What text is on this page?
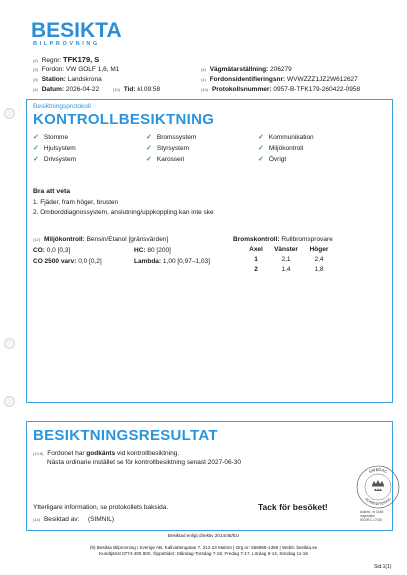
BESIKTA
BILPROVNING
(2) Regnr: TFK179, S
(3) Fordon: VW GOLF 1,6, M1
(3) Station: Landskrona
(4) Datum: 2026-04-22	(10) Tid: kl.09:58
(4) Vägmätarställning: 206279
(1) Fordonsidentifieringsnr: WVWZZZ1JZ2W612627
(10) Protokollsnummer: 0957-B-TFK179-260422-0958
Besiktningsprotokoll
KONTROLLBESIKTNING
✓ Stomme
✓ Hjulsystem
✓ Drivsystem
✓ Bromssystem
✓ Styrsystem
✓ Karosseri
✓ Kommunikation
✓ Miljökontroll
✓ Övrigt
Bra att veta
1. Fjäder, fram höger, brusten
2. Omborddiagnossystem, anslutning/uppkoppling kan inte ske
(12) Miljökontroll: Bensin/Etanol [gränsvärden]
CO: 0,0 [0,3]	HC: 80 [200]
CO 2500 varv: 0,0 [0,2]	Lambda: 1,00 [0,97–1,03]
Bromskontroll: Rullbromsprovare
Axel	Vänster	Höger
1	2,1	2,4
2	1,4	1,8
BESIKTNINGSRESULTAT
(13,8) Fordonet har godkänts vid kontrollbesiktning.
Nästa ordinarie instället se för kontrollbesiktning senast 2027-06-30
Ytterligare information, se protokollets baksida.	Tack för besöket!
(14) Besiktad av: (SIMNIL)
SWEDAC
ACKREDITERING
Ackred. nr 1048
Inspektion
ISO/IEC 17020
Besiktad enligt direktiv 2014/45/EU
(9) Besikta Bilprovning i Sverige AB, Kallvattengatan 7, 212 23 Malmö | Org.nr: 556865-1359 | Webb: besikta.se
Kundtjänst 0774-400 800, Öppettider: Måndag-Torsdag 7-18, Fredag 7-17, Lördag 8-14, Söndag 11-16
Sid.1(1)
